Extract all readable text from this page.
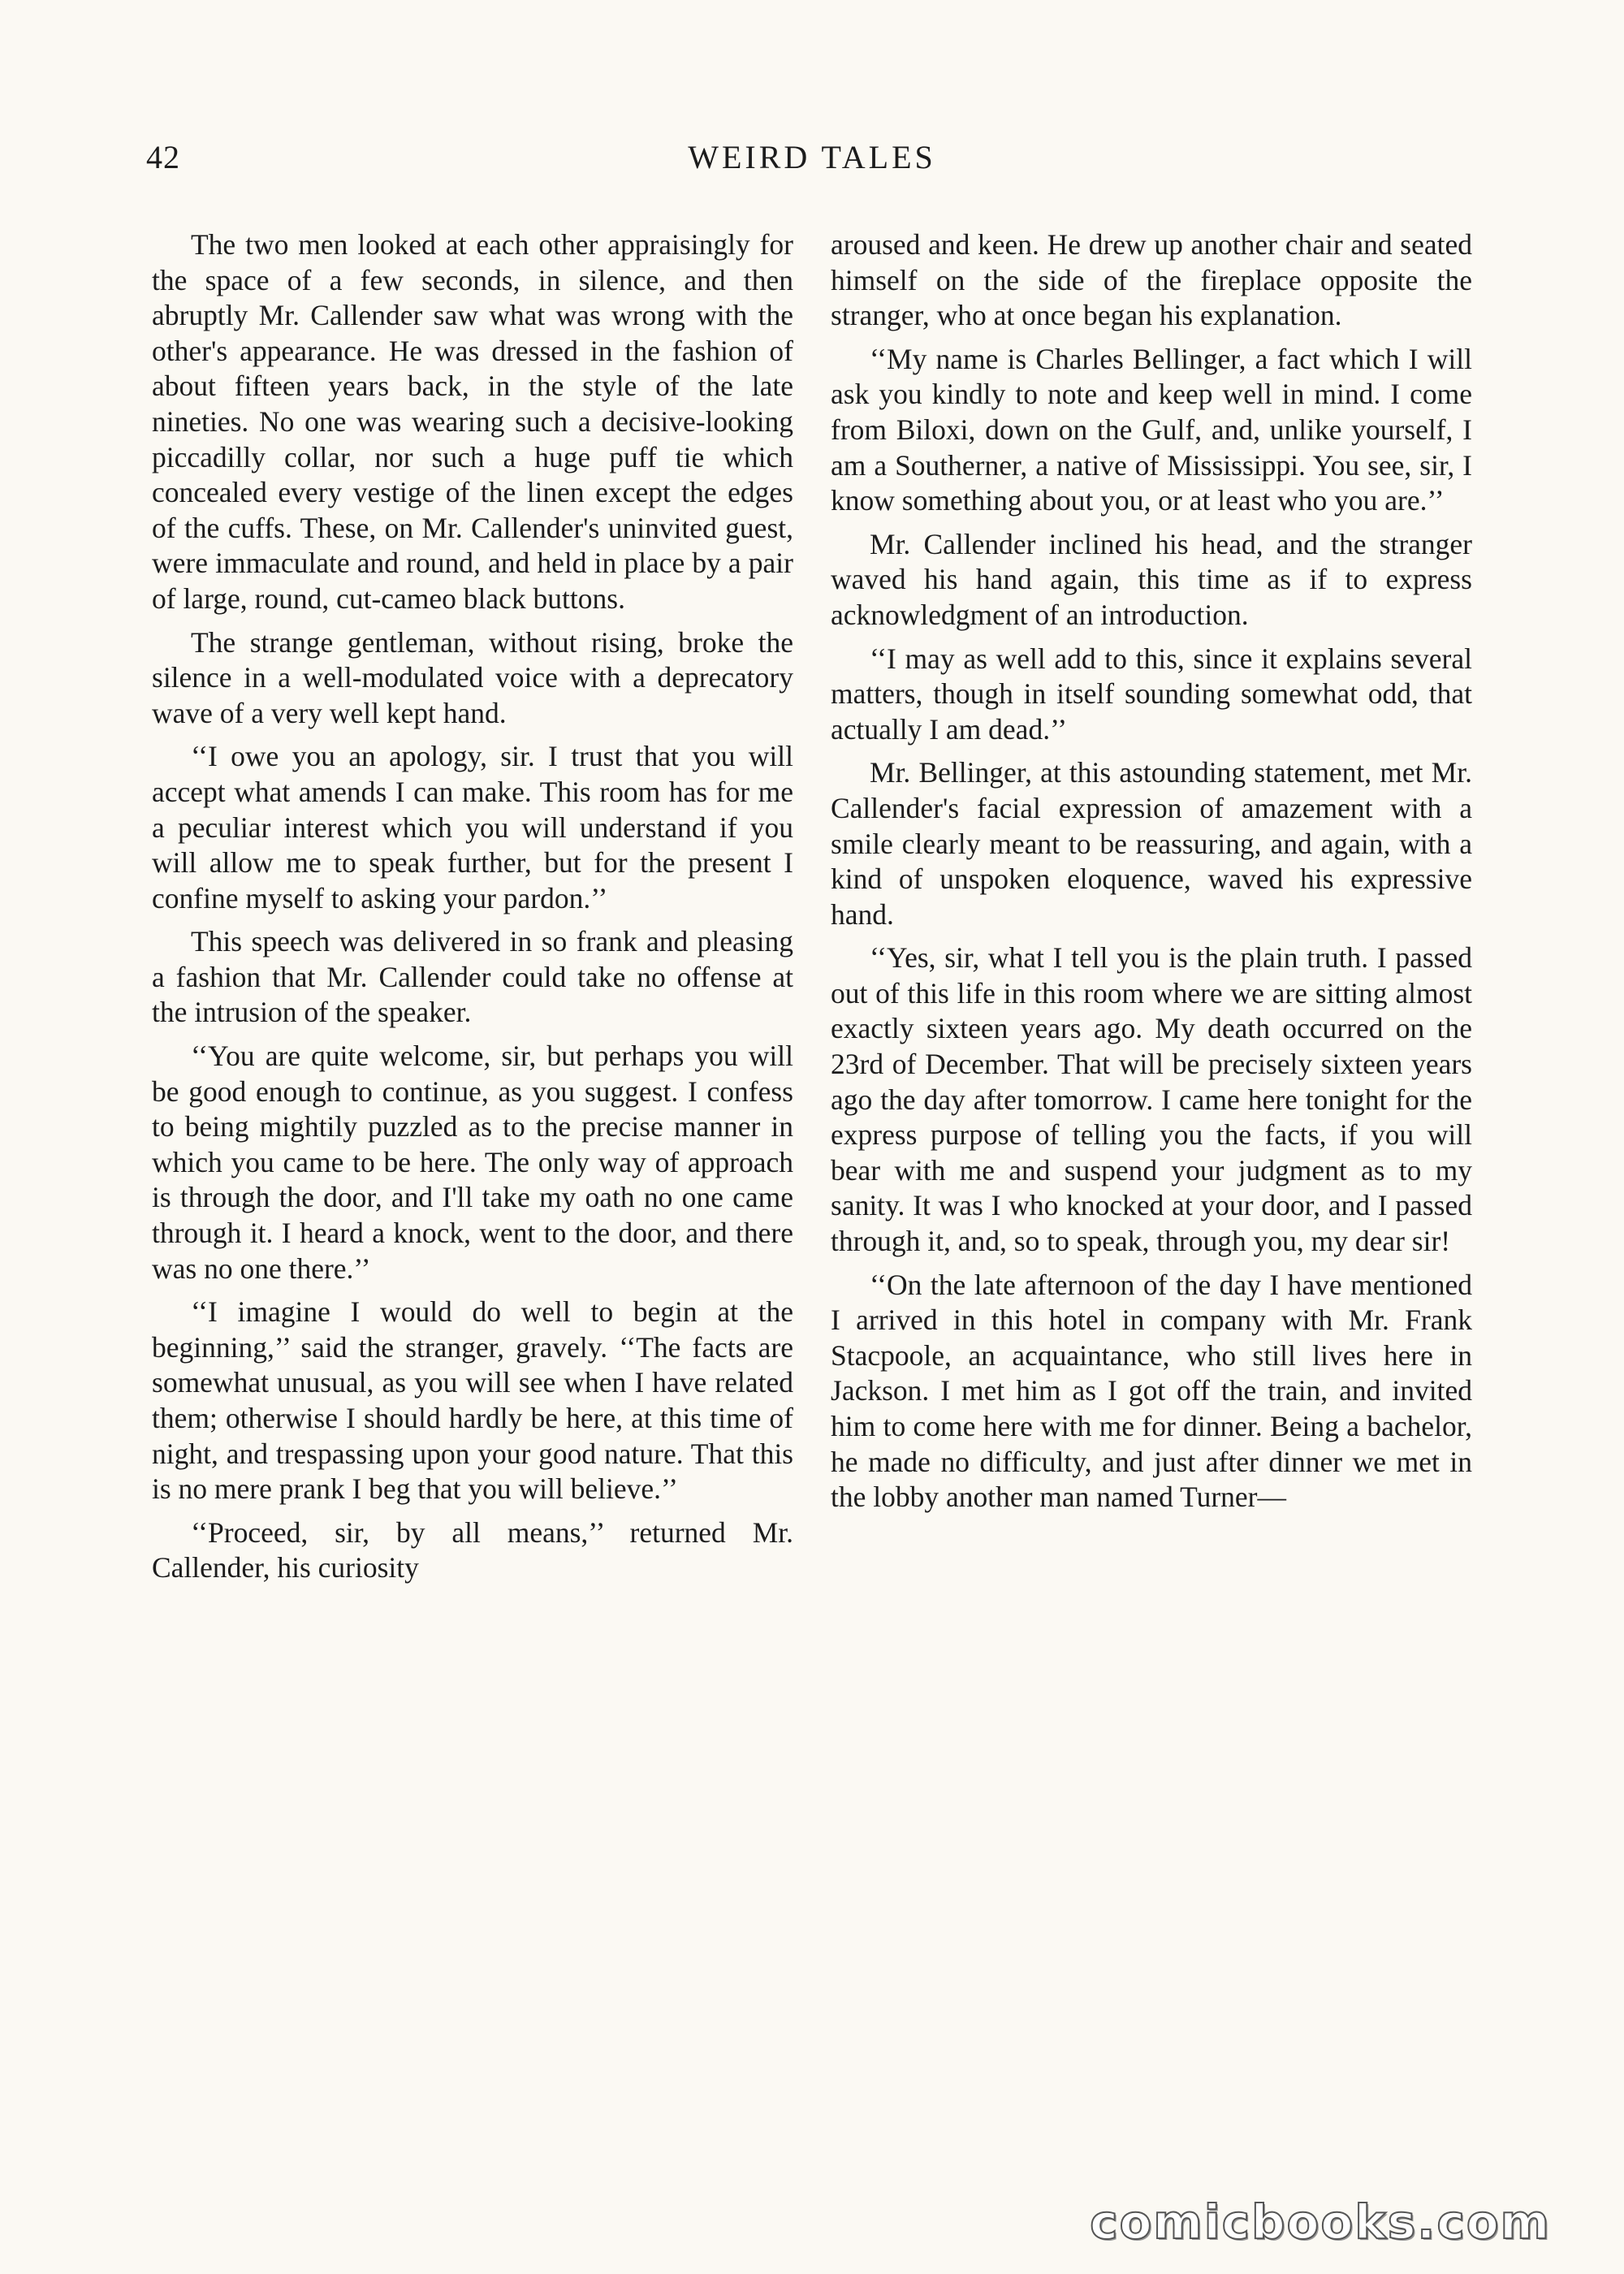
42	WEIRD TALES

The two men looked at each other appraisingly for the space of a few seconds, in silence, and then abruptly Mr. Callender saw what was wrong with the other's appearance. He was dressed in the fashion of about fifteen years back, in the style of the late nineties. No one was wearing such a decisive-looking piccadilly collar, nor such a huge puff tie which concealed every vestige of the linen except the edges of the cuffs. These, on Mr. Callender's uninvited guest, were immaculate and round, and held in place by a pair of large, round, cut-cameo black buttons.

The strange gentleman, without rising, broke the silence in a well-modulated voice with a deprecatory wave of a very well kept hand.

‘‘I owe you an apology, sir. I trust that you will accept what amends I can make. This room has for me a peculiar interest which you will understand if you will allow me to speak further, but for the present I confine myself to asking your pardon.’’

This speech was delivered in so frank and pleasing a fashion that Mr. Callender could take no offense at the intrusion of the speaker.

‘‘You are quite welcome, sir, but perhaps you will be good enough to continue, as you suggest. I confess to being mightily puzzled as to the precise manner in which you came to be here. The only way of approach is through the door, and I'll take my oath no one came through it. I heard a knock, went to the door, and there was no one there.’’

‘‘I imagine I would do well to begin at the beginning,’’ said the stranger, gravely. ‘‘The facts are somewhat unusual, as you will see when I have related them; otherwise I should hardly be here, at this time of night, and trespassing upon your good nature. That this is no mere prank I beg that you will believe.’’

‘‘Proceed, sir, by all means,’’ returned Mr. Callender, his curiosity

aroused and keen. He drew up another chair and seated himself on the side of the fireplace opposite the stranger, who at once began his explanation.

‘‘My name is Charles Bellinger, a fact which I will ask you kindly to note and keep well in mind. I come from Biloxi, down on the Gulf, and, unlike yourself, I am a Southerner, a native of Mississippi. You see, sir, I know something about you, or at least who you are.’’

Mr. Callender inclined his head, and the stranger waved his hand again, this time as if to express acknowledgment of an introduction.

‘‘I may as well add to this, since it explains several matters, though in itself sounding somewhat odd, that actually I am dead.’’

Mr. Bellinger, at this astounding statement, met Mr. Callender's facial expression of amazement with a smile clearly meant to be reassuring, and again, with a kind of unspoken eloquence, waved his expressive hand.

‘‘Yes, sir, what I tell you is the plain truth. I passed out of this life in this room where we are sitting almost exactly sixteen years ago. My death occurred on the 23rd of December. That will be precisely sixteen years ago the day after tomorrow. I came here tonight for the express purpose of telling you the facts, if you will bear with me and suspend your judgment as to my sanity. It was I who knocked at your door, and I passed through it, and, so to speak, through you, my dear sir!

‘‘On the late afternoon of the day I have mentioned I arrived in this hotel in company with Mr. Frank Stacpoole, an acquaintance, who still lives here in Jackson. I met him as I got off the train, and invited him to come here with me for dinner. Being a bachelor, he made no difficulty, and just after dinner we met in the lobby another man named Turner—

comicbooks.com
